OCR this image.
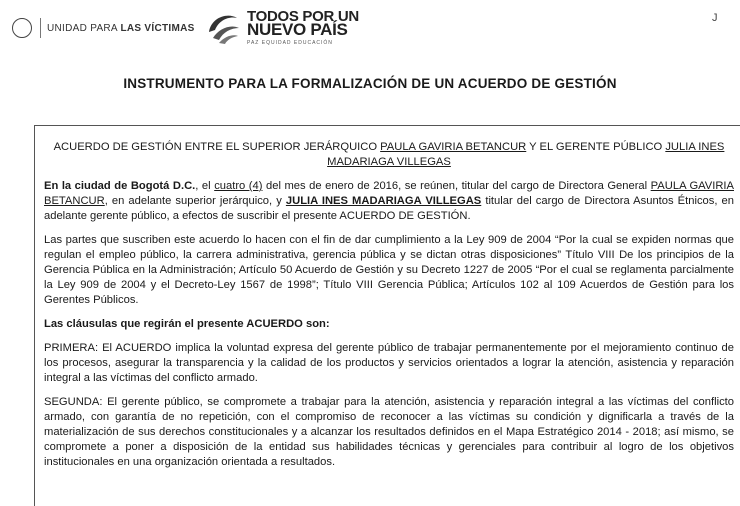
UNIDAD PARA LAS VÍCTIMAS
TODOS POR UN
NUEVO PAÍS
PAZ EQUIDAD EDUCACIÓN
J
INSTRUMENTO PARA LA FORMALIZACIÓN DE UN ACUERDO DE GESTIÓN

ACUERDO DE GESTIÓN ENTRE EL SUPERIOR JERÁRQUICO PAULA GAVIRIA BETANCUR Y EL GERENTE PÚBLICO JULIA INES MADARIAGA VILLEGAS

En la ciudad de Bogotá D.C., el cuatro (4) del mes de enero de 2016, se reúnen, titular del cargo de Directora General PAULA GAVIRIA BETANCUR, en adelante superior jerárquico, y JULIA INES MADARIAGA VILLEGAS titular del cargo de Directora Asuntos Étnicos, en adelante gerente público, a efectos de suscribir el presente ACUERDO DE GESTIÓN.

Las partes que suscriben este acuerdo lo hacen con el fin de dar cumplimiento a la Ley 909 de 2004 “Por la cual se expiden normas que regulan el empleo público, la carrera administrativa, gerencia pública y se dictan otras disposiciones” Título VIII De los principios de la Gerencia Pública en la Administración; Artículo 50 Acuerdo de Gestión y su Decreto 1227 de 2005 “Por el cual se reglamenta parcialmente la Ley 909 de 2004 y el Decreto-Ley 1567 de 1998”; Título VIII Gerencia Pública; Artículos 102 al 109 Acuerdos de Gestión para los Gerentes Públicos.

Las cláusulas que regirán el presente ACUERDO son:

PRIMERA: El ACUERDO implica la voluntad expresa del gerente público de trabajar permanentemente por el mejoramiento continuo de los procesos, asegurar la transparencia y la calidad de los productos y servicios orientados a lograr la atención, asistencia y reparación integral a las víctimas del conflicto armado.

SEGUNDA: El gerente público, se compromete a trabajar para la atención, asistencia y reparación integral a las víctimas del conflicto armado, con garantía de no repetición, con el compromiso de reconocer a las víctimas su condición y dignificarla a través de la materialización de sus derechos constitucionales y a alcanzar los resultados definidos en el Mapa Estratégico 2014 - 2018; así mismo, se compromete a poner a disposición de la entidad sus habilidades técnicas y gerenciales para contribuir al logro de los objetivos institucionales en una organización orientada a resultados.
